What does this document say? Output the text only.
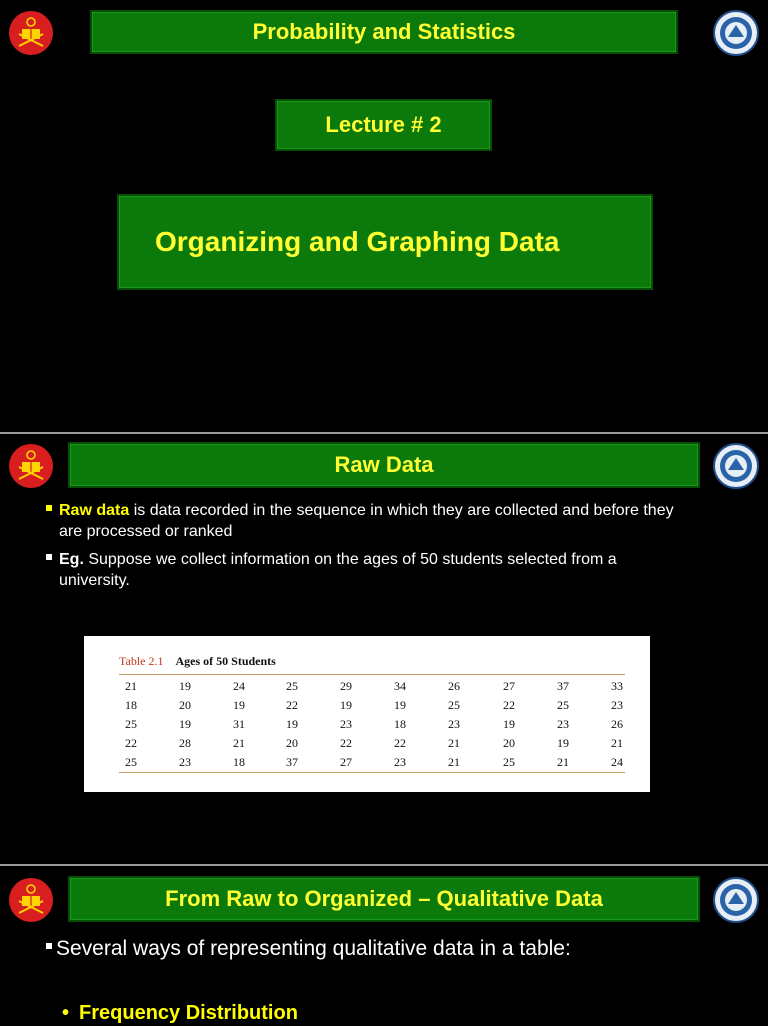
Probability and Statistics
Lecture # 2
Organizing and Graphing Data
Raw Data
Raw data is data recorded in the sequence in which they are collected and before they
are processed or ranked
Eg. Suppose we collect information on the ages of 50 students selected from a
university.
Table 2.1 Ages of 50 Students
21	19	24	25	29	34	26	27	37	33
18	20	19	22	19	19	25	22	25	23
25	19	31	19	23	18	23	19	23	26
22	28	21	20	22	22	21	20	19	21
25	23	18	37	27	23	21	25	21	24
From Raw to Organized – Qualitative Data
Several ways of representing qualitative data in a table:
• Frequency Distribution
